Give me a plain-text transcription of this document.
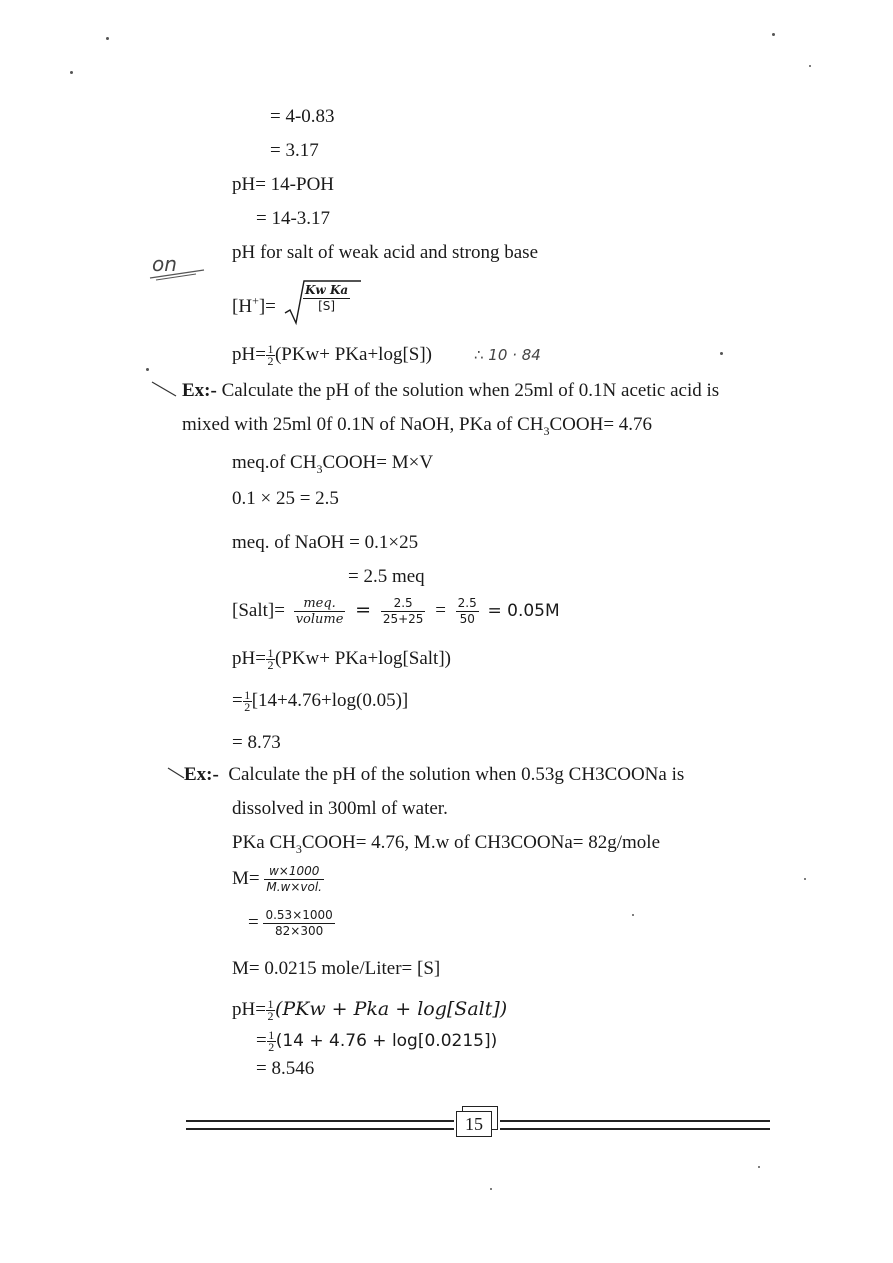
on
∴ 10 · 84
= 4-0.83
= 3.17
pH= 14-POH
= 14-3.17
pH for salt of weak acid and strong base
$[H^+]= \frac{\text{Kw Ka}}{[S]}$
$pH= \frac{1}{2} (PKw+ PKa+\log[S])$
Ex:- Calculate the pH of the solution when 25ml of 0.1N acetic acid is
mixed with 25ml 0f 0.1N of NaOH, PKa of $CH_3COOH= 4.76$
meq.of $CH_3COOH= M\times V$
0.1 × 25 = 2.5
meq. of NaOH = 0.1×25
= 2.5 meq
[Salt]= $\frac{\text{meq.}}{\text{volume}} = \frac{2.5}{25+25} = \frac{2.5}{50} = 0.05M$
$pH= \frac{1}{2} (PKw+$ PKa+log[Salt])
= $\frac{1}{2} [14+4.76+\log(0.05)]$
= 8.73
Ex:- Calculate the pH of the solution when 0.53g CH3COONa is
dissolved in 300ml of water.
PKa $CH_3COOH= 4.76$, M.w of CH3COONa= 82g/mole
$M= \frac{w\times 1000}{\text{M.w×vol.}}$
= $\frac{0.53\times 1000}{82\times 300}$
M= 0.0215 mole/Liter= [S]
$pH= \frac{1}{2} (PKw$ + Pka + log[Salt])
= $\frac{1}{2} (14 + 4.76 + \log[0.0215])$
= 8.546
15
